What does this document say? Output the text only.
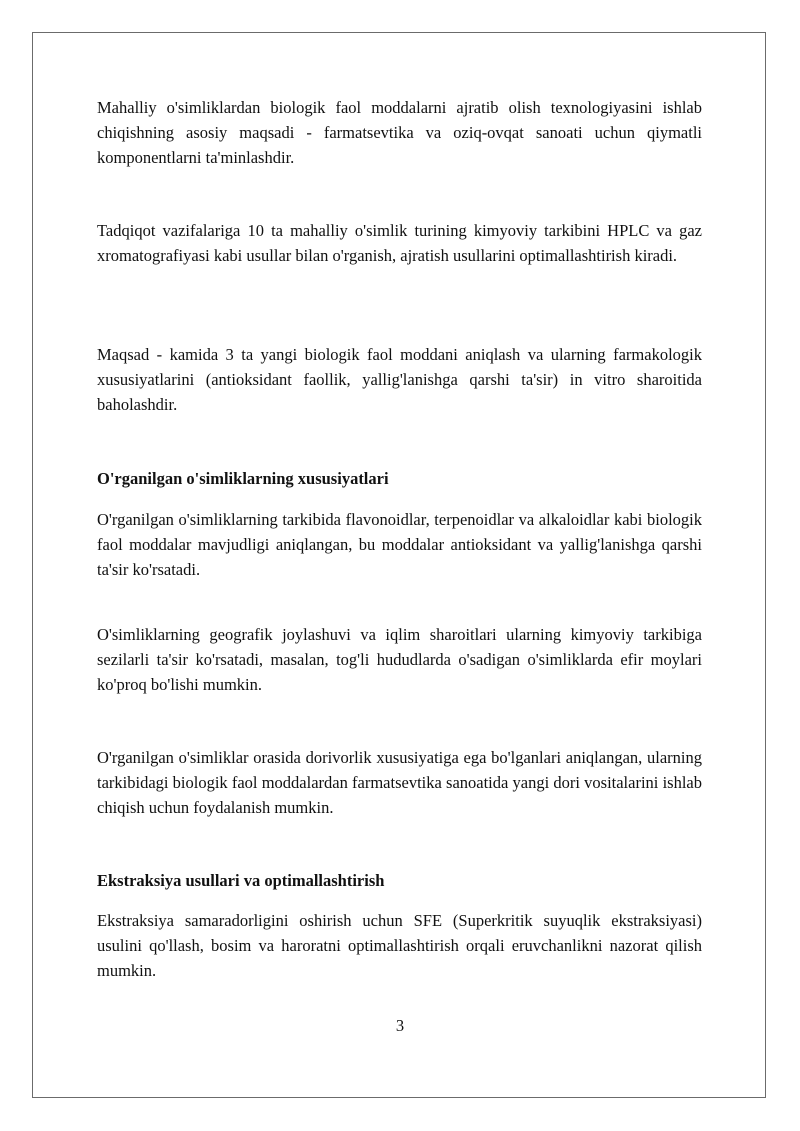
Mahalliy o'simliklardan biologik faol moddalarni ajratib olish texnologiyasini ishlab chiqishning asosiy maqsadi - farmatsevtika va oziq-ovqat sanoati uchun qiymatli komponentlarni ta'minlashdir.

Tadqiqot vazifalariga 10 ta mahalliy o'simlik turining kimyoviy tarkibini HPLC va gaz xromatografiyasi kabi usullar bilan o'rganish, ajratish usullarini optimallashtirish kiradi.

Maqsad - kamida 3 ta yangi biologik faol moddani aniqlash va ularning farmakologik xususiyatlarini (antioksidant faollik, yallig'lanishga qarshi ta'sir) in vitro sharoitida baholashdir.

O'rganilgan o'simliklarning xususiyatlari

O'rganilgan o'simliklarning tarkibida flavonoidlar, terpenoidlar va alkaloidlar kabi biologik faol moddalar mavjudligi aniqlangan, bu moddalar antioksidant va yallig'lanishga qarshi ta'sir ko'rsatadi.

O'simliklarning geografik joylashuvi va iqlim sharoitlari ularning kimyoviy tarkibiga sezilarli ta'sir ko'rsatadi, masalan, tog'li hududlarda o'sadigan o'simliklarda efir moylari ko'proq bo'lishi mumkin.

O'rganilgan o'simliklar orasida dorivorlik xususiyatiga ega bo'lganlari aniqlangan, ularning tarkibidagi biologik faol moddalardan farmatsevtika sanoatida yangi dori vositalarini ishlab chiqish uchun foydalanish mumkin.

Ekstraksiya usullari va optimallashtirish

Ekstraksiya samaradorligini oshirish uchun SFE (Superkritik suyuqlik ekstraksiyasi) usulini qo'llash, bosim va haroratni optimallashtirish orqali eruvchanlikni nazorat qilish mumkin.

3
